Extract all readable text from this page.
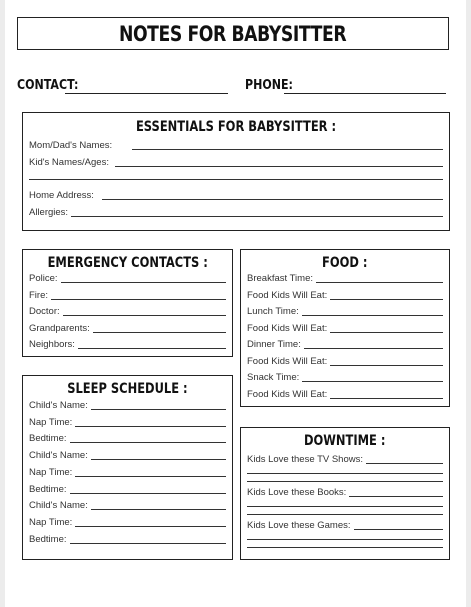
NOTES FOR BABYSITTER
CONTACT:	PHONE:
ESSENTIALS FOR BABYSITTER :
Mom/Dad's Names:
Kid's Names/Ages:
Home Address:
Allergies:
EMERGENCY CONTACTS :
Police:
Fire:
Doctor:
Grandparents:
Neighbors:
FOOD :
Breakfast Time:
Food Kids Will Eat:
Lunch Time:
Food Kids Will Eat:
Dinner Time:
Food Kids Will Eat:
Snack Time:
Food Kids Will Eat:
SLEEP SCHEDULE :
Child's Name:
Nap Time:
Bedtime:
Child's Name:
Nap Time:
Bedtime:
Child's Name:
Nap Time:
Bedtime:
DOWNTIME :
Kids Love these TV Shows:
Kids Love these Books:
Kids Love these Games:
